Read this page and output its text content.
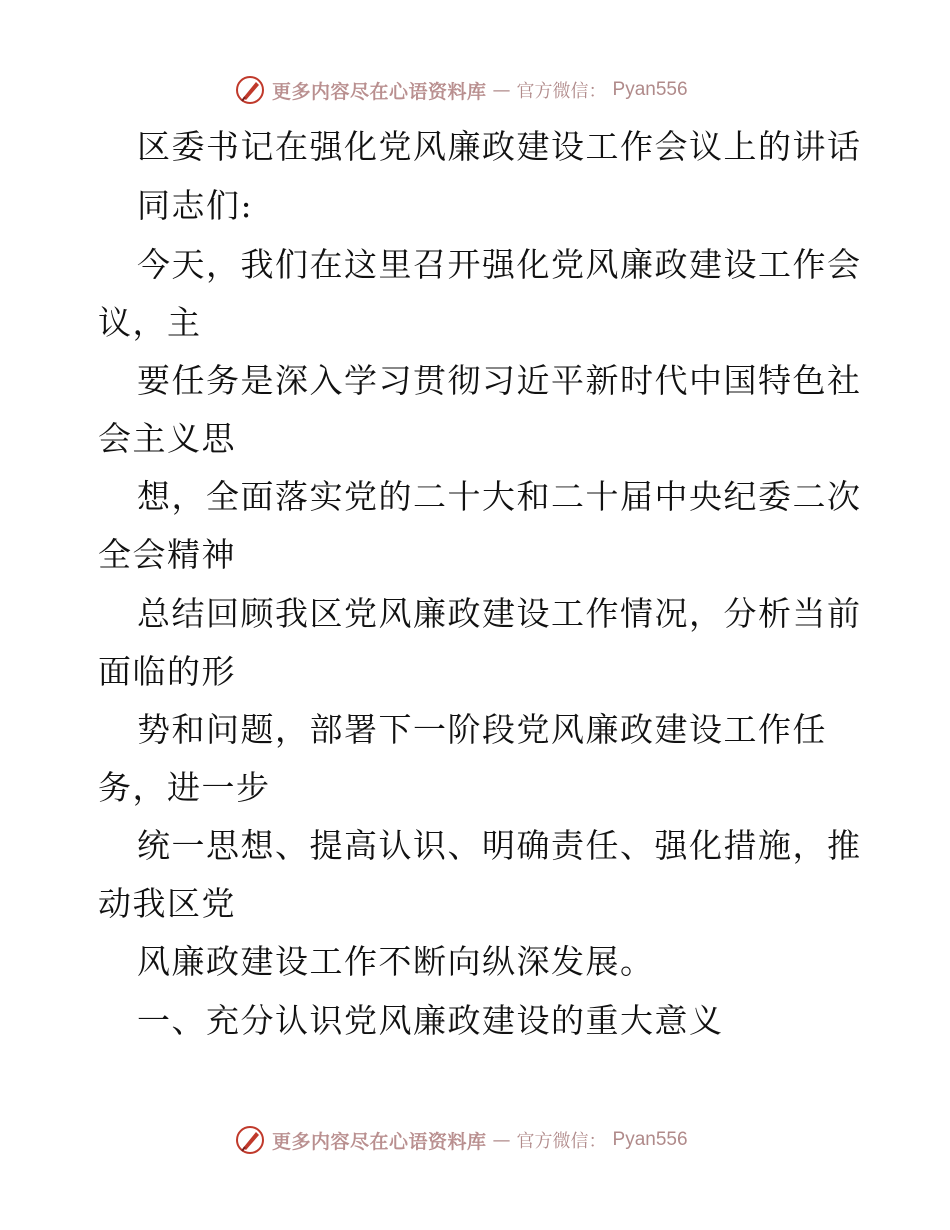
更多内容尽在心语资料库 — 官方微信： Pyan556
区委书记在强化党风廉政建设工作会议上的讲话
同志们:
今天，我们在这里召开强化党风廉政建设工作会
议，主
要任务是深入学习贯彻习近平新时代中国特色社
会主义思
想，全面落实党的二十大和二十届中央纪委二次
全会精神
总结回顾我区党风廉政建设工作情况，分析当前
面临的形
势和问题，部署下一阶段党风廉政建设工作任
务，进一步
统一思想、提高认识、明确责任、强化措施，推
动我区党
风廉政建设工作不断向纵深发展。
一、充分认识党风廉政建设的重大意义
更多内容尽在心语资料库 — 官方微信： Pyan556
